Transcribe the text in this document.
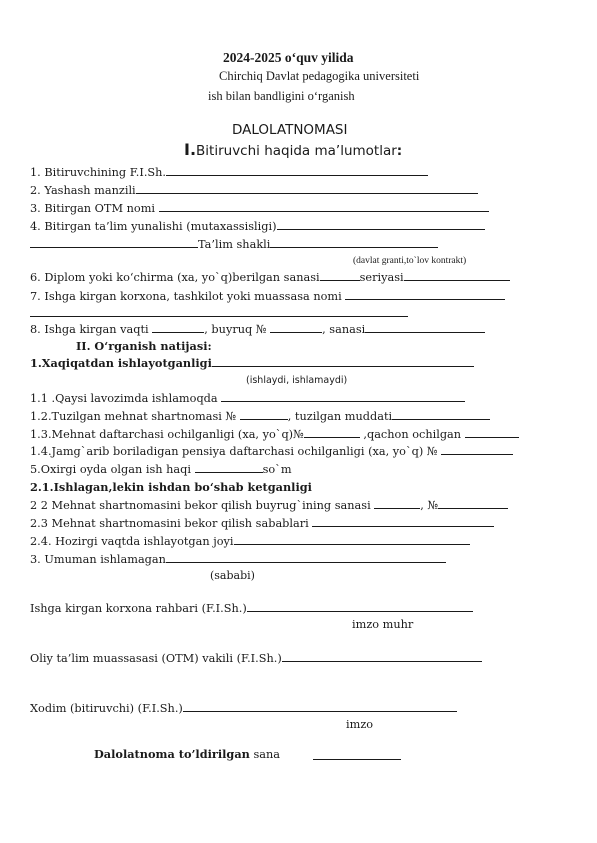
2024-2025 o‘quv yilida
Chirchiq Davlat pedagogika universiteti
ish bilan bandligini o‘rganish
DALOLATNOMASI
I.Bitiruvchi haqida ma’lumotlar:
1. Bitiruvchining F.I.Sh.
2. Yashash manzili
3. Bitirgan OTM nomi
4. Bitirgan ta’lim yunalishi (mutaxassisligi)
Ta’lim shakli
(davlat granti,to`lov kontrakt)
6. Diplom yoki ko‘chirma (xa, yo`q)berilgan sanasi	seriyasi
7. Ishga kirgan korxona, tashkilot yoki muassasa nomi
8. Ishga kirgan vaqti	, buyruq №	, sanasi
II. O‘rganish natijasi:
1.Xaqiqatdan ishlayotganligi
(ishlaydi, ishlamaydi)
1.1 .Qaysi lavozimda ishlamoqda
1.2.Tuzilgan mehnat shartnomasi №	, tuzilgan muddati
1.3.Mehnat daftarchasi ochilganligi (xa, yo`q)№	,qachon ochilgan
1.4.Jamg`arib boriladigan pensiya daftarchasi ochilganligi (xa, yo`q) №
5.Oxirgi oyda olgan ish haqi	so`m
2.1.Ishlagan,lekin ishdan bo‘shab ketganligi
2 2 Mehnat shartnomasini bekor qilish buyrug`ining sanasi	, №
2.3 Mehnat shartnomasini bekor qilish sabablari
2.4. Hozirgi vaqtda ishlayotgan joyi
3. Umuman ishlamagan
(sababi)
Ishga kirgan korxona rahbari (F.I.Sh.)
imzo muhr
Oliy ta’lim muassasasi (OTM) vakili (F.I.Sh.)
Xodim (bitiruvchi) (F.I.Sh.)
imzo
Dalolatnoma to’ldirilgan sana
